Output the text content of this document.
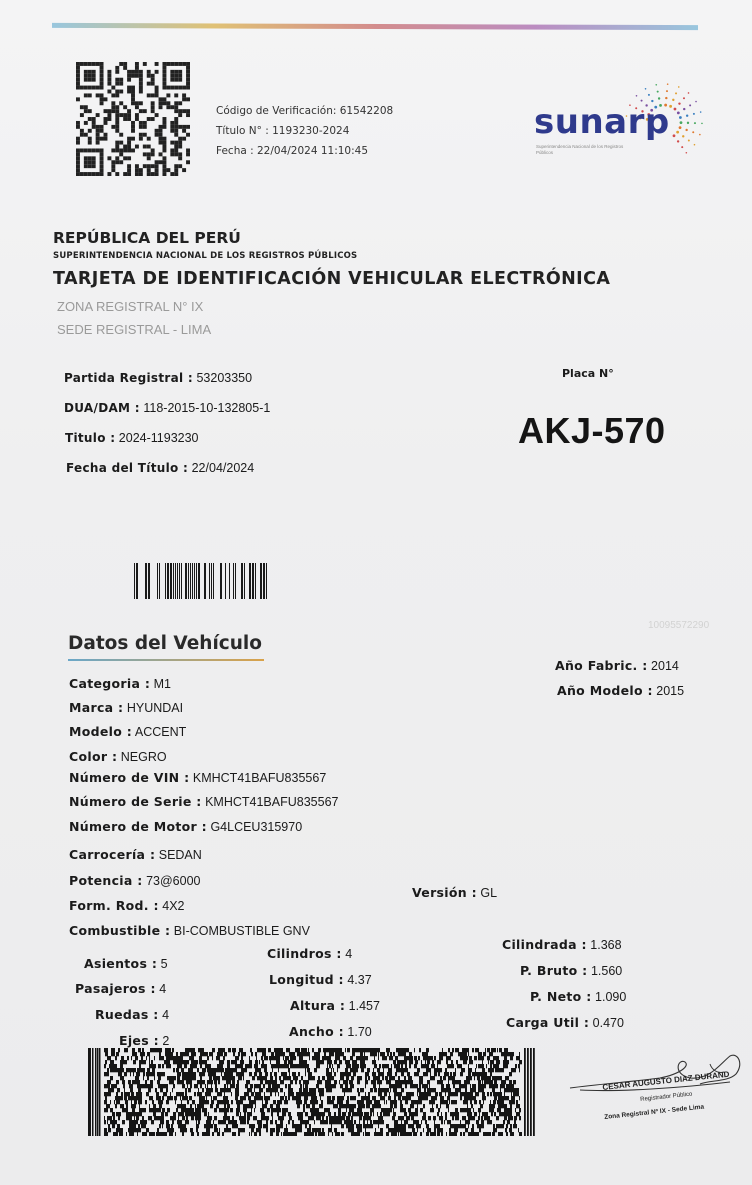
Código de Verificación: 61542208
Título N° : 1193230-2024
Fecha : 22/04/2024 11:10:45
sunarp
Superintendencia Nacional de los Registros Públicos
REPÚBLICA DEL PERÚ
SUPERINTENDENCIA NACIONAL DE LOS REGISTROS PÚBLICOS
TARJETA DE IDENTIFICACIÓN VEHICULAR ELECTRÓNICA
ZONA REGISTRAL N° IX
SEDE REGISTRAL - LIMA
Partida Registral : 53203350
DUA/DAM : 118-2015-10-132805-1
Titulo : 2024-1193230
Fecha del Título : 22/04/2024
Placa N°
AKJ-570
10095572290
Datos del Vehículo
Año Fabric. : 2014
Año Modelo : 2015
Categoria : M1
Marca : HYUNDAI
Modelo : ACCENT
Color : NEGRO
Número de VIN : KMHCT41BAFU835567
Número de Serie : KMHCT41BAFU835567
Número de Motor : G4LCEU315970
Carrocería : SEDAN
Potencia : 73@6000
Form. Rod. : 4X2
Versión : GL
Combustible : BI-COMBUSTIBLE GNV
Asientos : 5
Pasajeros : 4
Ruedas : 4
Ejes : 2
Cilindros : 4
Longitud : 4.37
Altura : 1.457
Ancho : 1.70
Cilindrada : 1.368
P. Bruto : 1.560
P. Neto : 1.090
Carga Util : 0.470
CESAR AUGUSTO DIAZ DURAND
Registrador Público
Zona Registral Nº IX - Sede Lima
